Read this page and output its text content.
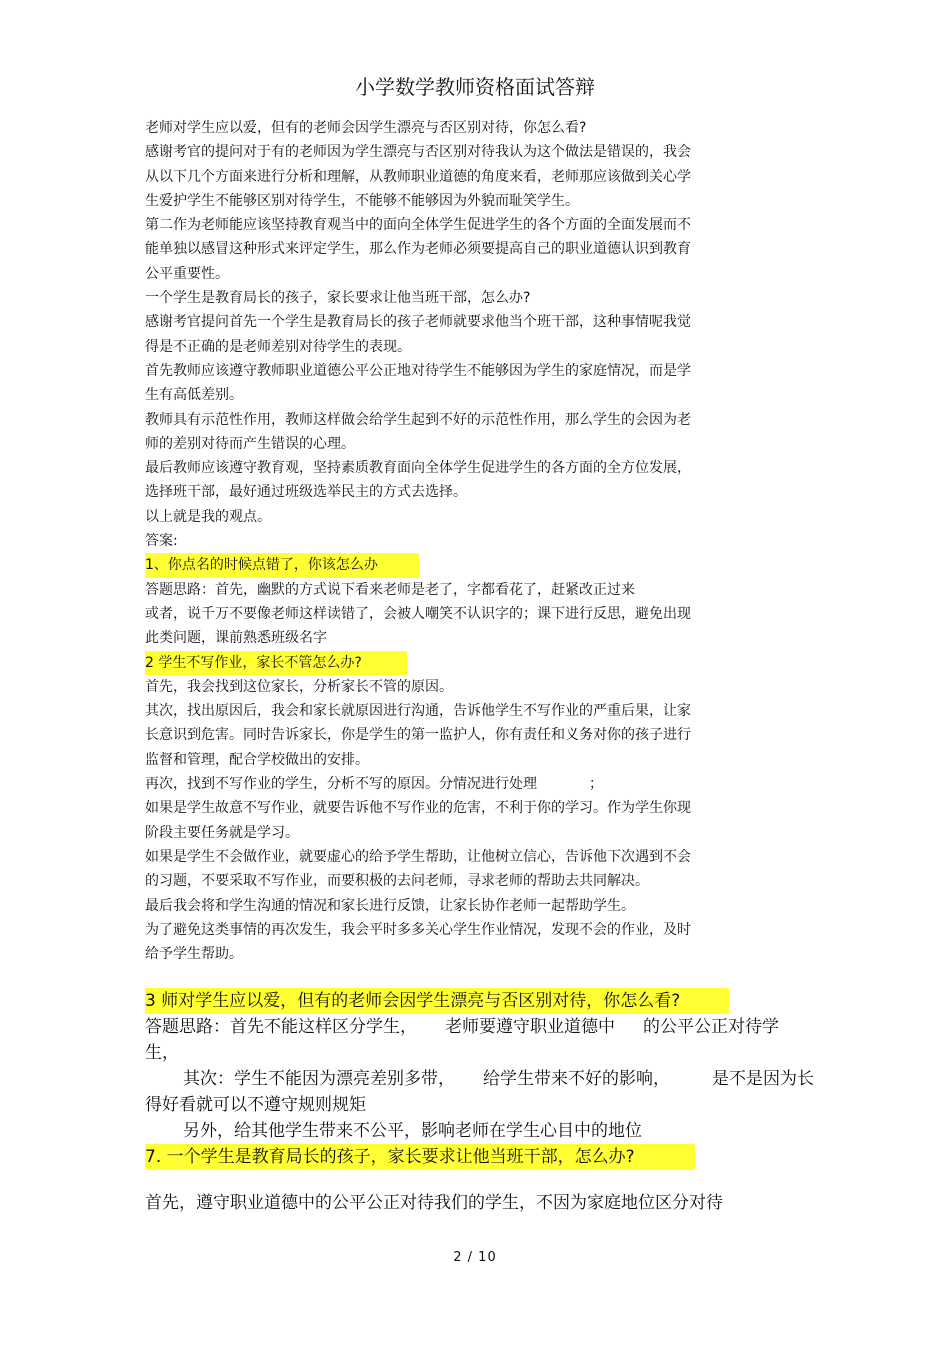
小学数学教师资格面试答辩

老师对学生应以爱，但有的老师会因学生漂亮与否区别对待，你怎么看?

感谢考官的提问对于有的老师因为学生漂亮与否区别对待我认为这个做法是错误的，我会

从以下几个方面来进行分析和理解，从教师职业道德的角度来看，老师那应该做到关心学

生爱护学生不能够区别对待学生，不能够不能够因为外貌而耻笑学生。

第二作为老师能应该坚持教育观当中的面向全体学生促进学生的各个方面的全面发展而不

能单独以感冒这种形式来评定学生，那么作为老师必须要提高自己的职业道德认识到教育

公平重要性。

一个学生是教育局长的孩子，家长要求让他当班干部，怎么办?

感谢考官提问首先一个学生是教育局长的孩子老师就要求他当个班干部，这种事情呢我觉

得是不正确的是老师差别对待学生的表现。

首先教师应该遵守教师职业道德公平公正地对待学生不能够因为学生的家庭情况，而是学

生有高低差别。

教师具有示范性作用，教师这样做会给学生起到不好的示范性作用，那么学生的会因为老

师的差别对待而产生错误的心理。

最后教师应该遵守教育观，坚持素质教育面向全体学生促进学生的各方面的全方位发展，

选择班干部，最好通过班级选举民主的方式去选择。

以上就是我的观点。

答案:

1、你点名的时候点错了，你该怎么办

答题思路：首先，幽默的方式说下看来老师是老了，字都看花了，赶紧改正过来

或者，说千万不要像老师这样读错了，会被人嘲笑不认识字的；课下进行反思，避免出现

此类问题，课前熟悉班级名字

2 学生不写作业，家长不管怎么办?

首先，我会找到这位家长，分析家长不管的原因。

其次，找出原因后，我会和家长就原因进行沟通，告诉他学生不写作业的严重后果，让家

长意识到危害。同时告诉家长，你是学生的第一监护人，你有责任和义务对你的孩子进行

监督和管理，配合学校做出的安排。

再次，找到不写作业的学生，分析不写的原因。分情况进行处理	；

如果是学生故意不写作业，就要告诉他不写作业的危害，不利于你的学习。作为学生你现

阶段主要任务就是学习。

如果是学生不会做作业，就要虚心的给予学生帮助，让他树立信心，告诉他下次遇到不会

的习题，不要采取不写作业，而要积极的去问老师，寻求老师的帮助去共同解决。

最后我会将和学生沟通的情况和家长进行反馈，让家长协作老师一起帮助学生。

为了避免这类事情的再次发生，我会平时多多关心学生作业情况，发现不会的作业，及时

给予学生帮助。

3 师对学生应以爱，但有的老师会因学生漂亮与否区别对待，你怎么看?

答题思路：首先不能这样区分学生， 老师要遵守职业道德中 的公平公正对待学

生，

其次：学生不能因为漂亮差别多带， 给学生带来不好的影响， 是不是因为长

得好看就可以不遵守规则规矩

另外，给其他学生带来不公平，影响老师在学生心目中的地位

7. 一个学生是教育局长的孩子，家长要求让他当班干部，怎么办?

首先，遵守职业道德中的公平公正对待我们的学生，不因为家庭地位区分对待
2 / 10
